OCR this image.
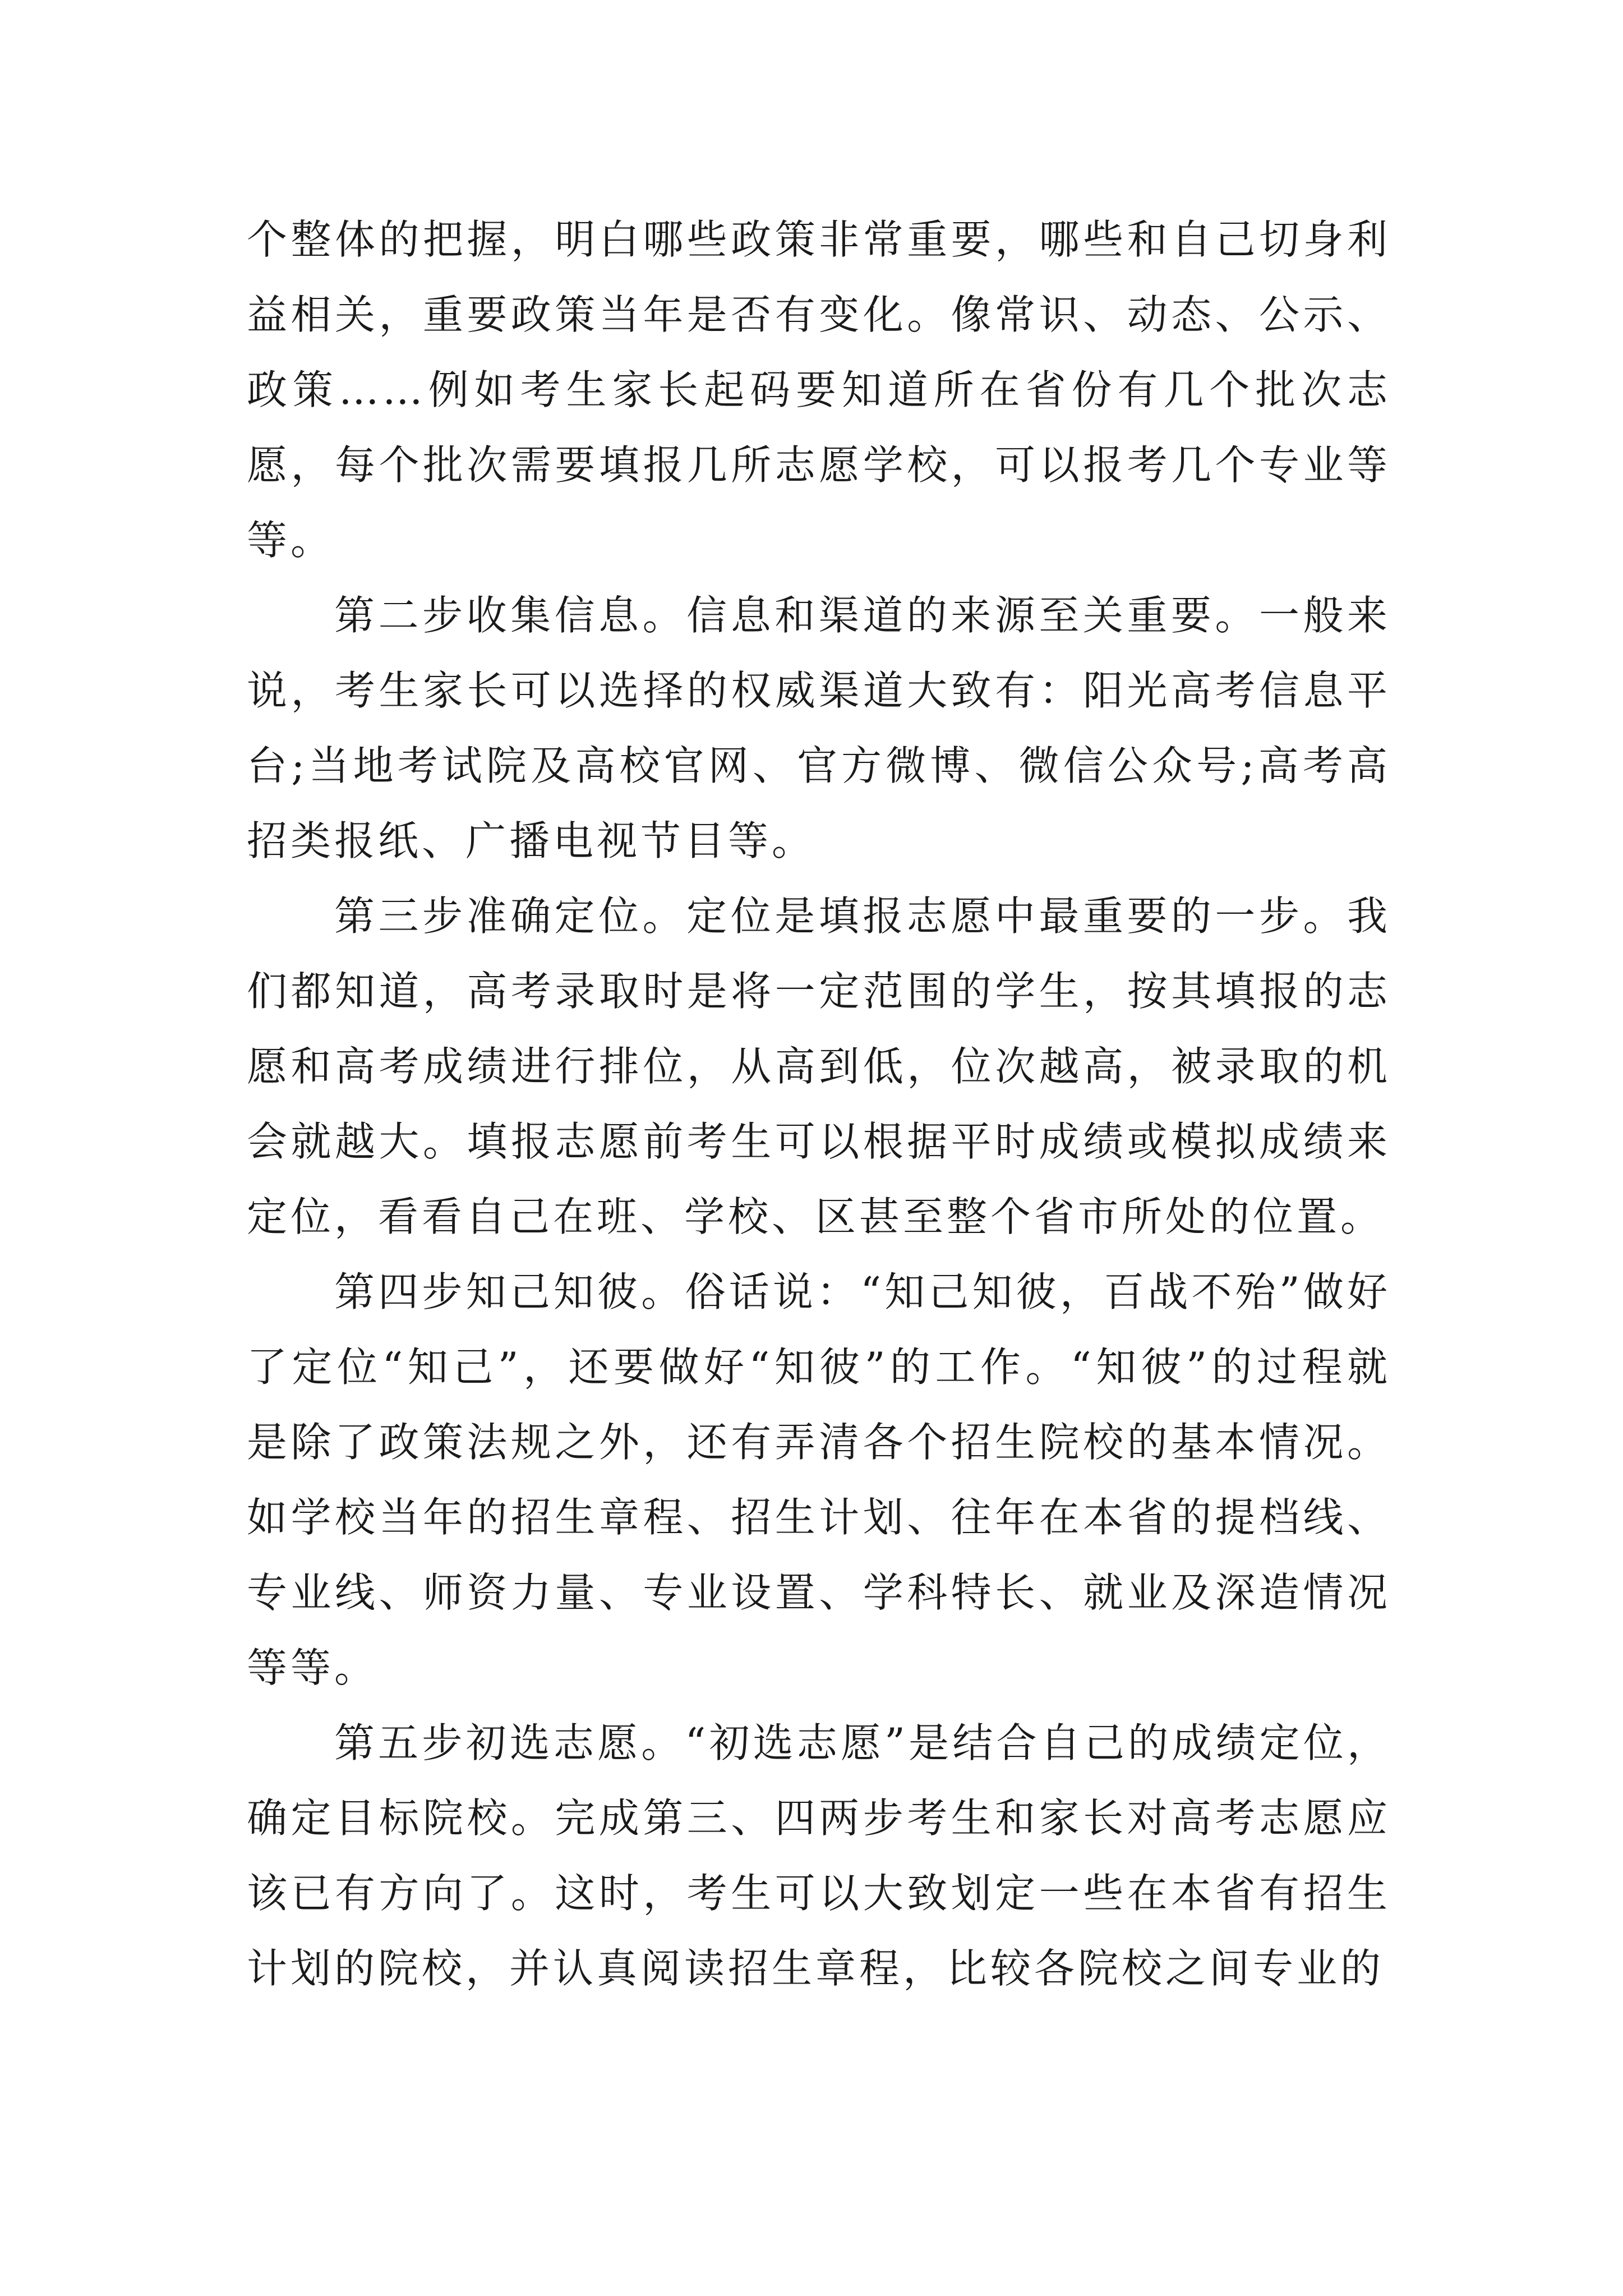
个整体的把握，明白哪些政策非常重要，哪些和自己切身利益相关，重要政策当年是否有变化。像常识、动态、公示、政策……例如考生家长起码要知道所在省份有几个批次志愿，每个批次需要填报几所志愿学校，可以报考几个专业等等。

第二步收集信息。信息和渠道的来源至关重要。一般来说，考生家长可以选择的权威渠道大致有：阳光高考信息平台;当地考试院及高校官网、官方微博、微信公众号;高考高招类报纸、广播电视节目等。

第三步准确定位。定位是填报志愿中最重要的一步。我们都知道，高考录取时是将一定范围的学生，按其填报的志愿和高考成绩进行排位，从高到低，位次越高，被录取的机会就越大。填报志愿前考生可以根据平时成绩或模拟成绩来定位，看看自己在班、学校、区甚至整个省市所处的位置。

第四步知己知彼。俗话说：“知己知彼，百战不殆”做好了定位“知己”，还要做好“知彼”的工作。“知彼”的过程就是除了政策法规之外，还有弄清各个招生院校的基本情况。如学校当年的招生章程、招生计划、往年在本省的提档线、专业线、师资力量、专业设置、学科特长、就业及深造情况等等。

第五步初选志愿。“初选志愿”是结合自己的成绩定位，确定目标院校。完成第三、四两步考生和家长对高考志愿应该已有方向了。这时，考生可以大致划定一些在本省有招生计划的院校，并认真阅读招生章程，比较各院校之间专业的
